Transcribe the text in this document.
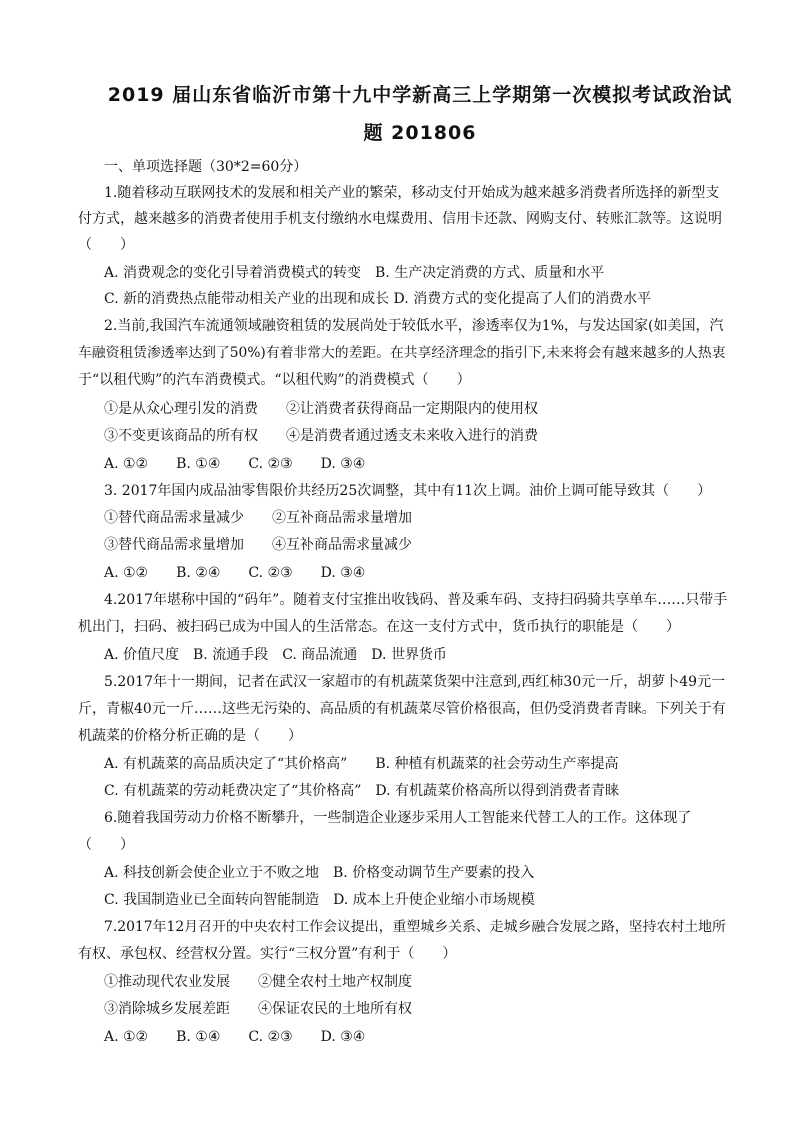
2019 届山东省临沂市第十九中学新高三上学期第一次模拟考试政治试
题 201806
一、单项选择题（30*2=60分）
1.随着移动互联网技术的发展和相关产业的繁荣，移动支付开始成为越来越多消费者所选择的新型支
付方式，越来越多的消费者使用手机支付缴纳水电煤费用、信用卡还款、网购支付、转账汇款等。这说明
（　　）
A. 消费观念的变化引导着消费模式的转变　B. 生产决定消费的方式、质量和水平
C. 新的消费热点能带动相关产业的出现和成长 D. 消费方式的变化提高了人们的消费水平
2.当前,我国汽车流通领域融资租赁的发展尚处于较低水平，渗透率仅为1%，与发达国家(如美国，汽
车融资租赁渗透率达到了50%)有着非常大的差距。在共享经济理念的指引下,未来将会有越来越多的人热衷
于“以租代购”的汽车消费模式。“以租代购”的消费模式（　　）
①是从众心理引发的消费　　②让消费者获得商品一定期限内的使用权
③不变更该商品的所有权　　④是消费者通过透支未来收入进行的消费
A. ①②　　B. ①④　　C. ②③　　D. ③④
3. 2017年国内成品油零售限价共经历25次调整，其中有11次上调。油价上调可能导致其（　　）
①替代商品需求量减少　　②互补商品需求量增加
③替代商品需求量增加　　④互补商品需求量减少
A. ①②　　B. ②④　　C. ②③　　D. ③④
4.2017年堪称中国的“码年”。随着支付宝推出收钱码、普及乘车码、支持扫码骑共享单车……只带手
机出门，扫码、被扫码已成为中国人的生活常态。在这一支付方式中，货币执行的职能是（　　）
A. 价值尺度　B. 流通手段　C. 商品流通　D. 世界货币
5.2017年十一期间，记者在武汉一家超市的有机蔬菜货架中注意到,西红柿30元一斤，胡萝卜49元一
斤，青椒40元一斤……这些无污染的、高品质的有机蔬菜尽管价格很高，但仍受消费者青睐。下列关于有
机蔬菜的价格分析正确的是（　　）
A. 有机蔬菜的高品质决定了“其价格高”　　B. 种植有机蔬菜的社会劳动生产率提高
C. 有机蔬菜的劳动耗费决定了“其价格高”　D. 有机蔬菜价格高所以得到消费者青睐
6.随着我国劳动力价格不断攀升，一些制造企业逐步采用人工智能来代替工人的工作。这体现了
（　　）
A. 科技创新会使企业立于不败之地　B. 价格变动调节生产要素的投入
C. 我国制造业已全面转向智能制造　D. 成本上升使企业缩小市场规模
7.2017年12月召开的中央农村工作会议提出，重塑城乡关系、走城乡融合发展之路，坚持农村土地所
有权、承包权、经营权分置。实行“三权分置”有利于（　　）
①推动现代农业发展　　②健全农村土地产权制度
③消除城乡发展差距　　④保证农民的土地所有权
A. ①②　　B. ①④　　C. ②③　　D. ③④
